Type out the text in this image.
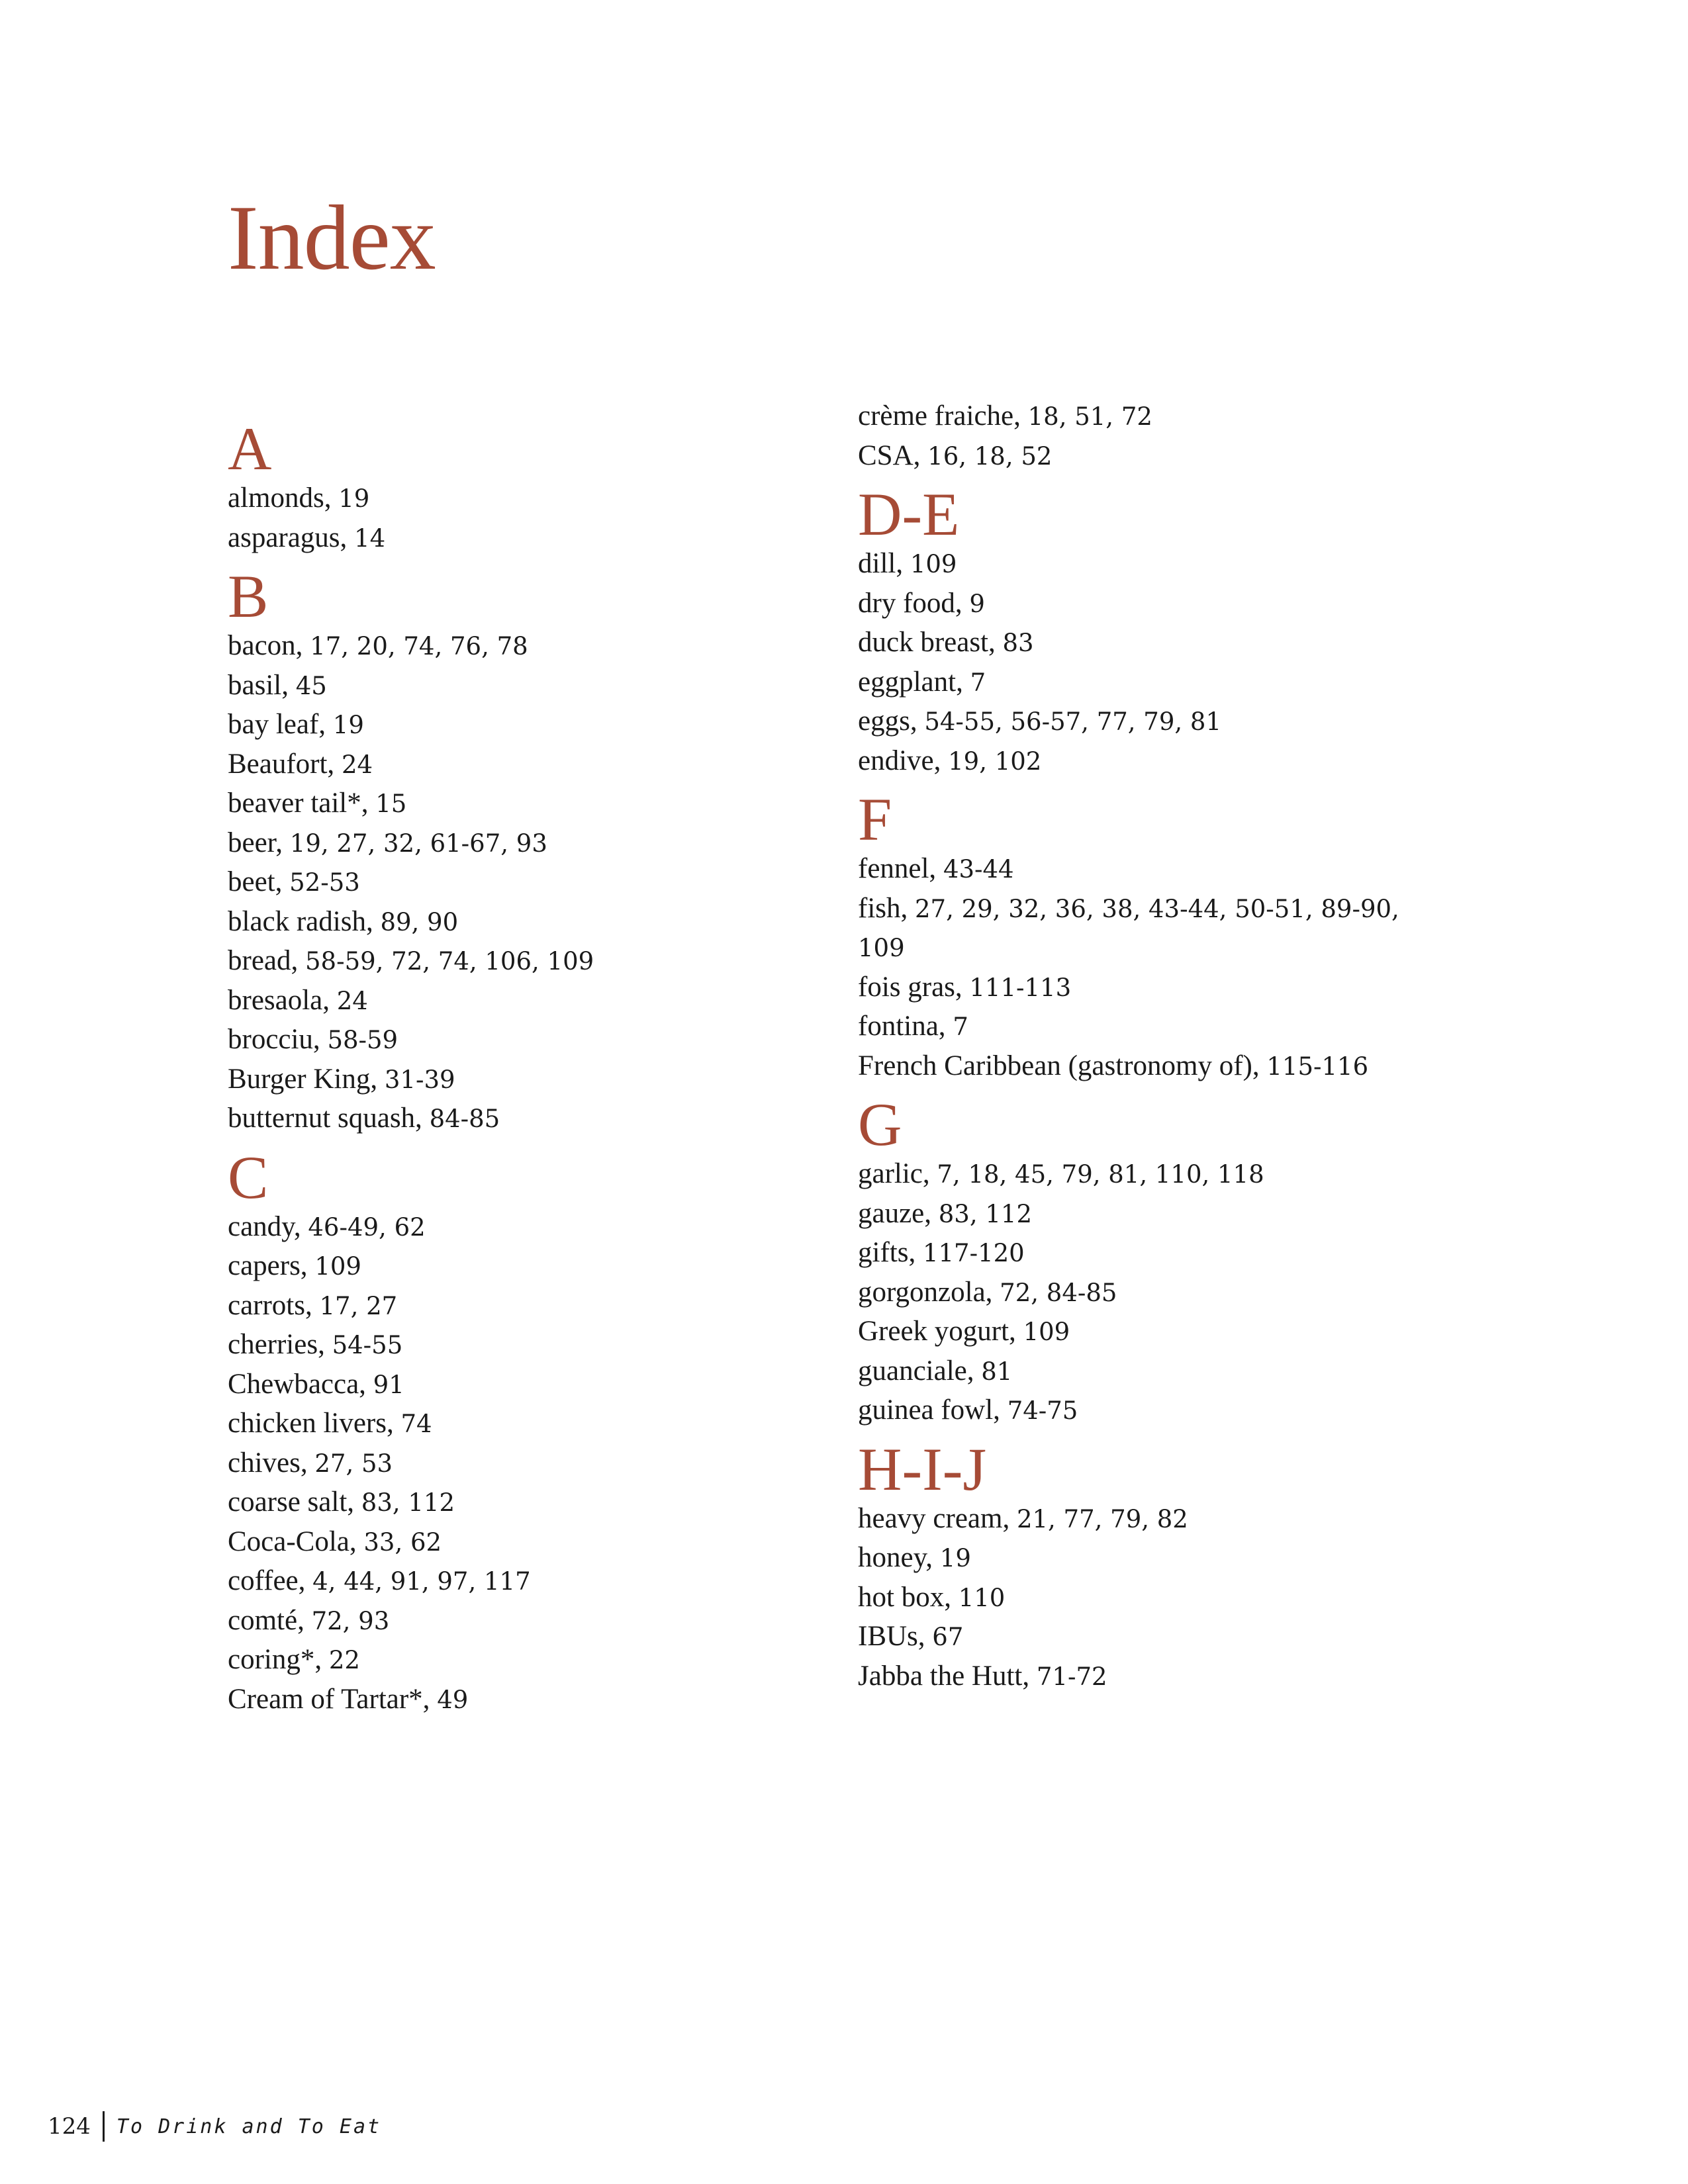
Index
A
almonds, 19
asparagus, 14
B
bacon, 17, 20, 74, 76, 78
basil, 45
bay leaf, 19
Beaufort, 24
beaver tail*, 15
beer, 19, 27, 32, 61-67, 93
beet, 52-53
black radish, 89, 90
bread, 58-59, 72, 74, 106, 109
bresaola, 24
brocciu, 58-59
Burger King, 31-39
butternut squash, 84-85
C
candy, 46-49, 62
capers, 109
carrots, 17, 27
cherries, 54-55
Chewbacca, 91
chicken livers, 74
chives, 27, 53
coarse salt, 83, 112
Coca-Cola, 33, 62
coffee, 4, 44, 91, 97, 117
comté, 72, 93
coring*, 22
Cream of Tartar*, 49
crème fraiche, 18, 51, 72
CSA, 16, 18, 52
D-E
dill, 109
dry food, 9
duck breast, 83
eggplant, 7
eggs, 54-55, 56-57, 77, 79, 81
endive, 19, 102
F
fennel, 43-44
fish, 27, 29, 32, 36, 38, 43-44, 50-51, 89-90, 109
fois gras, 111-113
fontina, 7
French Caribbean (gastronomy of), 115-116
G
garlic, 7, 18, 45, 79, 81, 110, 118
gauze, 83, 112
gifts, 117-120
gorgonzola, 72, 84-85
Greek yogurt, 109
guanciale, 81
guinea fowl, 74-75
H-I-J
heavy cream, 21, 77, 79, 82
honey, 19
hot box, 110
IBUs, 67
Jabba the Hutt, 71-72
124 To Drink and To Eat
